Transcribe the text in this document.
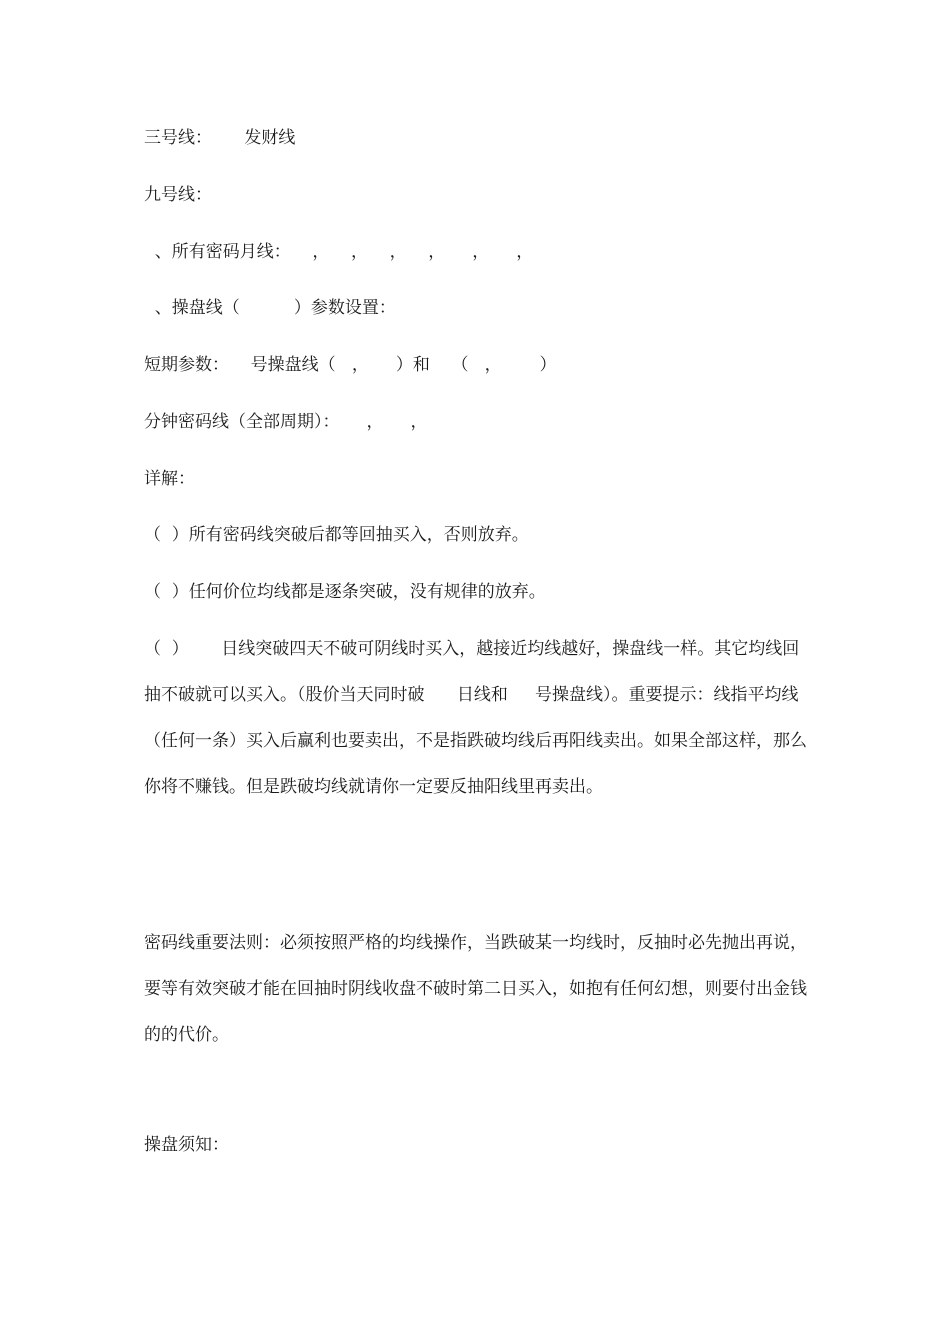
三号线：      发财线
九号线：
、所有密码月线：    ，    ，    ，    ，     ，     ，
、操盘线（          ）参数设置：
短期参数：    号操盘线（   ，     ）和    （   ，       ）
分钟密码线（全部周期）：     ，     ，
详解：
（  ）所有密码线突破后都等回抽买入，否则放弃。
（  ）任何价位均线都是逐条突破，没有规律的放弃。
（  ）      日线突破四天不破可阴线时买入，越接近均线越好，操盘线一样。其它均线回抽不破就可以买入。（股价当天同时破      日线和     号操盘线）。重要提示：线指平均线（任何一条）买入后赢利也要卖出，不是指跌破均线后再阳线卖出。如果全部这样，那么你将不赚钱。但是跌破均线就请你一定要反抽阳线里再卖出。
密码线重要法则：必须按照严格的均线操作，当跌破某一均线时，反抽时必先抛出再说，要等有效突破才能在回抽时阴线收盘不破时第二日买入，如抱有任何幻想，则要付出金钱的的代价。
操盘须知：
